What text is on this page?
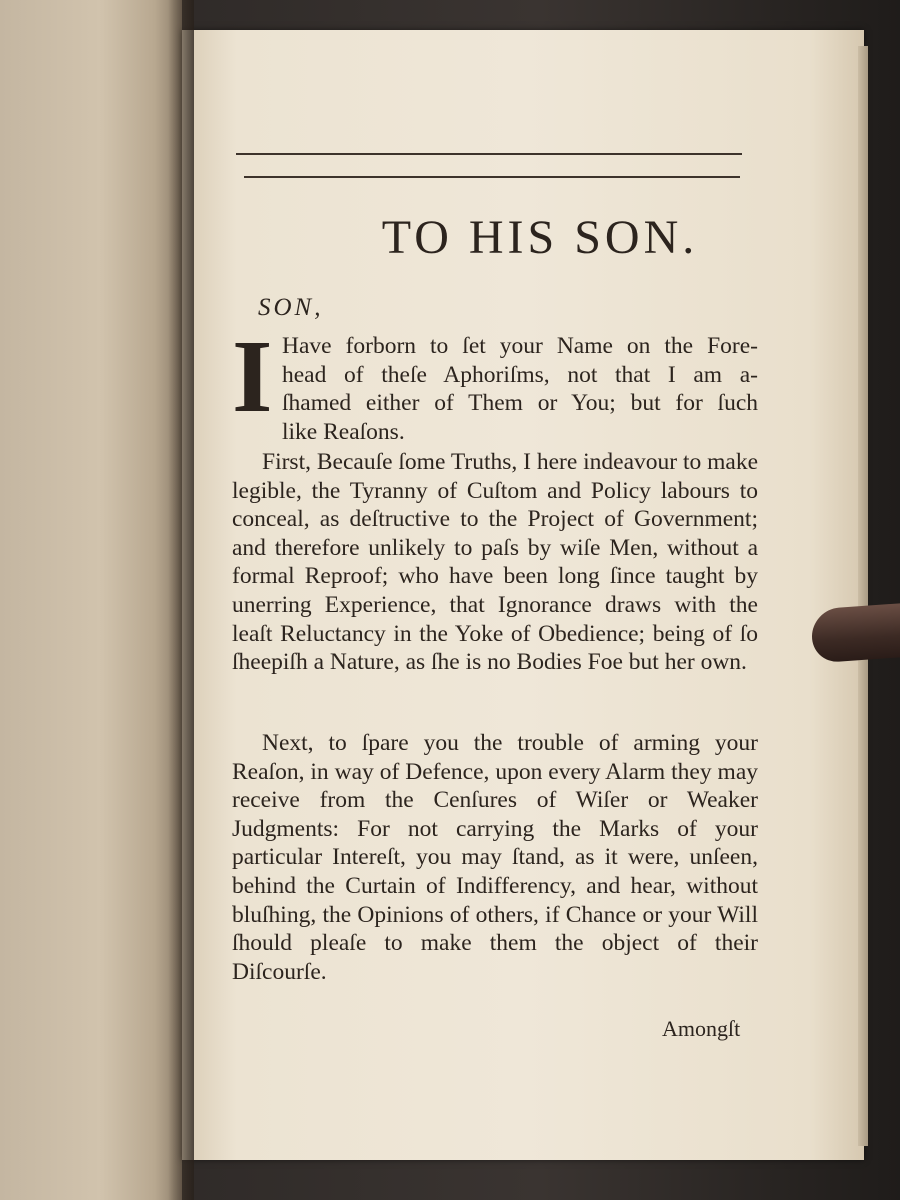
TO HIS SON.
SON,
I Have forborn to ſet your Name on the Fore-
head of theſe Aphoriſms, not that I am a-
ſhamed either of Them or You; but for ſuch
like Reaſons.
First, Becauſe ſome Truths, I here indeavour to make legible, the Tyranny of Cuſtom and Policy labours to conceal, as deſtructive to the Project of Government; and therefore unlikely to paſs by wiſe Men, without a formal Reproof; who have been long ſince taught by unerring Experience, that Ignorance draws with the leaſt Reluctancy in the Yoke of Obedience; being of ſo ſheepiſh a Nature, as ſhe is no Bodies Foe but her own.
Next, to ſpare you the trouble of arming your Reaſon, in way of Defence, upon every Alarm they may receive from the Cenſures of Wiſer or Weaker Judgments: For not carrying the Marks of your particular Intereſt, you may ſtand, as it were, unſeen, behind the Curtain of Indifferency, and hear, without bluſhing, the Opinions of others, if Chance or your Will ſhould pleaſe to make them the object of their Diſcourſe.
Amongſt
